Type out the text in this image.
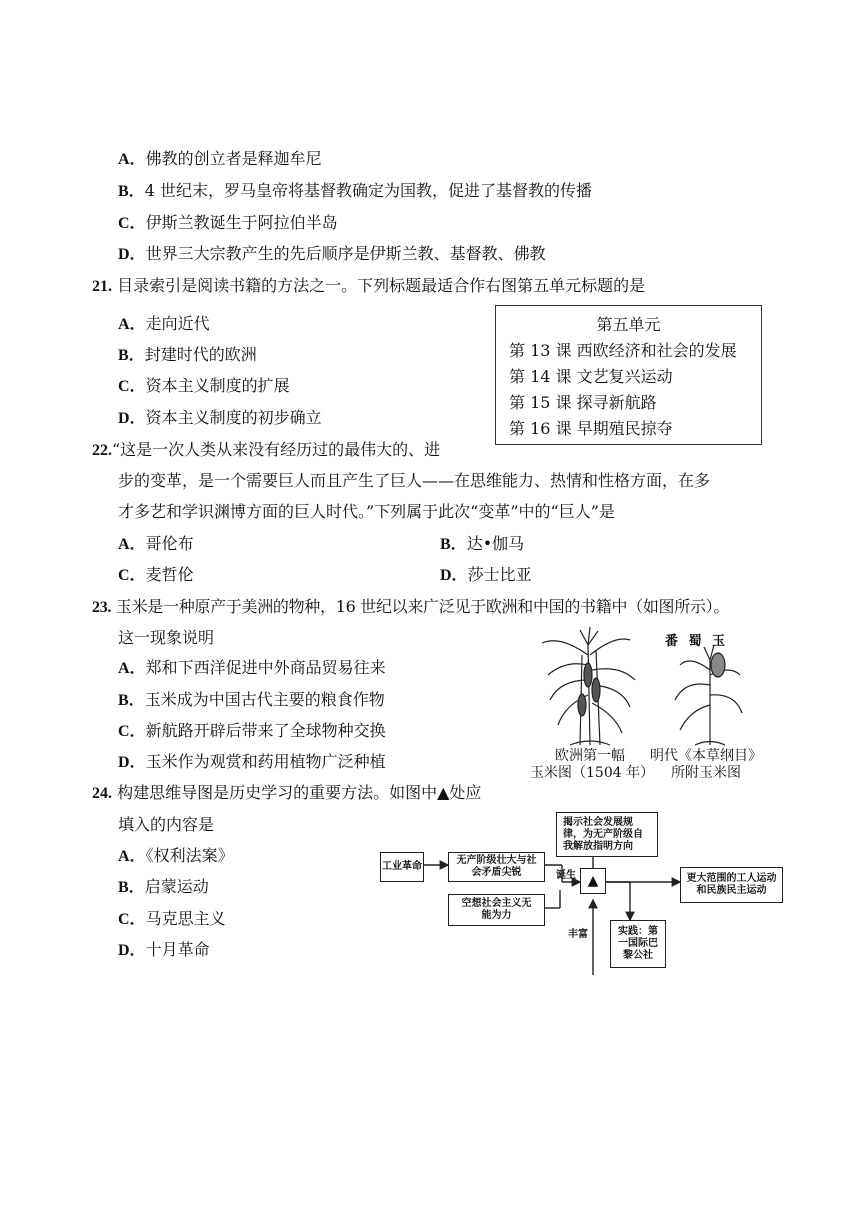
A．佛教的创立者是释迦牟尼
B．4 世纪末，罗马皇帝将基督教确定为国教，促进了基督教的传播
C．伊斯兰教诞生于阿拉伯半岛
D．世界三大宗教产生的先后顺序是伊斯兰教、基督教、佛教
21. 目录索引是阅读书籍的方法之一。下列标题最适合作右图第五单元标题的是
A．走向近代
B．封建时代的欧洲
C．资本主义制度的扩展
D．资本主义制度的初步确立
第五单元
第 13 课 西欧经济和社会的发展
第 14 课 文艺复兴运动
第 15 课 探寻新航路
第 16 课 早期殖民掠夺
22.“这是一次人类从来没有经历过的最伟大的、进
步的变革，是一个需要巨人而且产生了巨人——在思维能力、热情和性格方面，在多
才多艺和学识渊博方面的巨人时代。”下列属于此次“变革”中的“巨人”是
A．哥伦布	B．达•伽马
C．麦哲伦	D．莎士比亚
23. 玉米是一种原产于美洲的物种，16 世纪以来广泛见于欧洲和中国的书籍中（如图所示）。
这一现象说明
A．郑和下西洋促进中外商品贸易往来
B．玉米成为中国古代主要的粮食作物
C．新航路开辟后带来了全球物种交换
D．玉米作为观赏和药用植物广泛种植
番 蜀 玉
欧洲第一幅
玉米图（1504 年）
明代《本草纲目》
所附玉米图
24. 构建思维导图是历史学习的重要方法。如图中▲处应
填入的内容是
A．《权利法案》
B．启蒙运动
C．马克思主义
D．十月革命
工业革命
无产阶级壮大与社会矛盾尖锐
空想社会主义无能为力
揭示社会发展规律，为无产阶级自我解放指明方向
▲	更大范围的工人运动和民族民主运动
实践：第一国际巴黎公社
诞生
丰富
